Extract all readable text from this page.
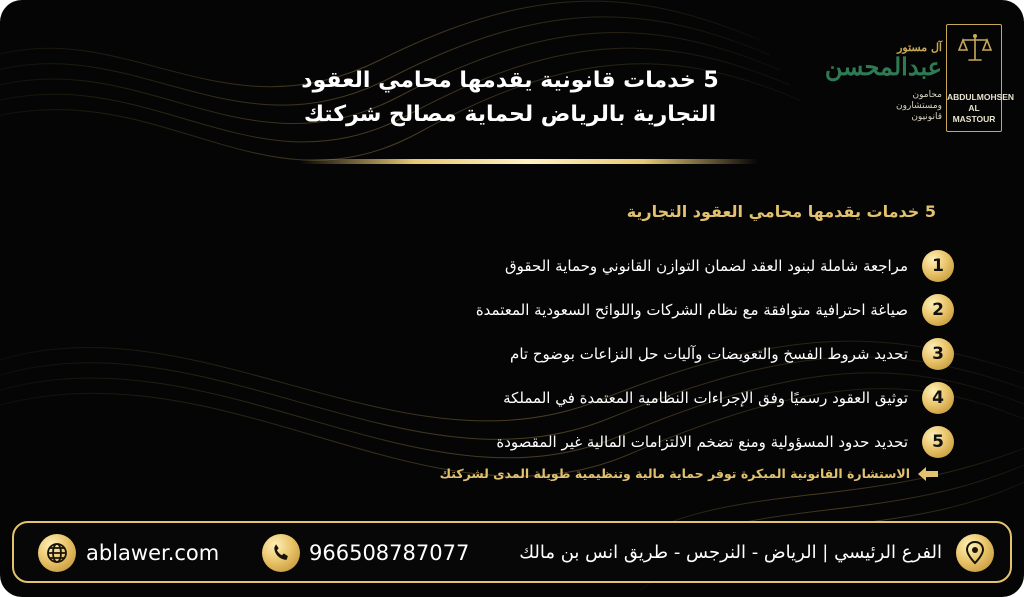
ABDULMOHSEN
AL MASTOUR
آل مستور
عبدالمحسن
محامون ومستشارون قانونيون
5 خدمات قانونية يقدمها محامي العقود
التجارية بالرياض لحماية مصالح شركتك
5 خدمات يقدمها محامي العقود التجارية
1
مراجعة شاملة لبنود العقد لضمان التوازن القانوني وحماية الحقوق
2
صياغة احترافية متوافقة مع نظام الشركات واللوائح السعودية المعتمدة
3
تحديد شروط الفسخ والتعويضات وآليات حل النزاعات بوضوح تام
4
توثيق العقود رسميًا وفق الإجراءات النظامية المعتمدة في المملكة
5
تحديد حدود المسؤولية ومنع تضخم الالتزامات المالية غير المقصودة
الاستشارة القانونية المبكرة توفر حماية مالية وتنظيمية طويلة المدى لشركتك
ablawer.com	966508787077	الفرع الرئيسي | الرياض - النرجس - طريق انس بن مالك
